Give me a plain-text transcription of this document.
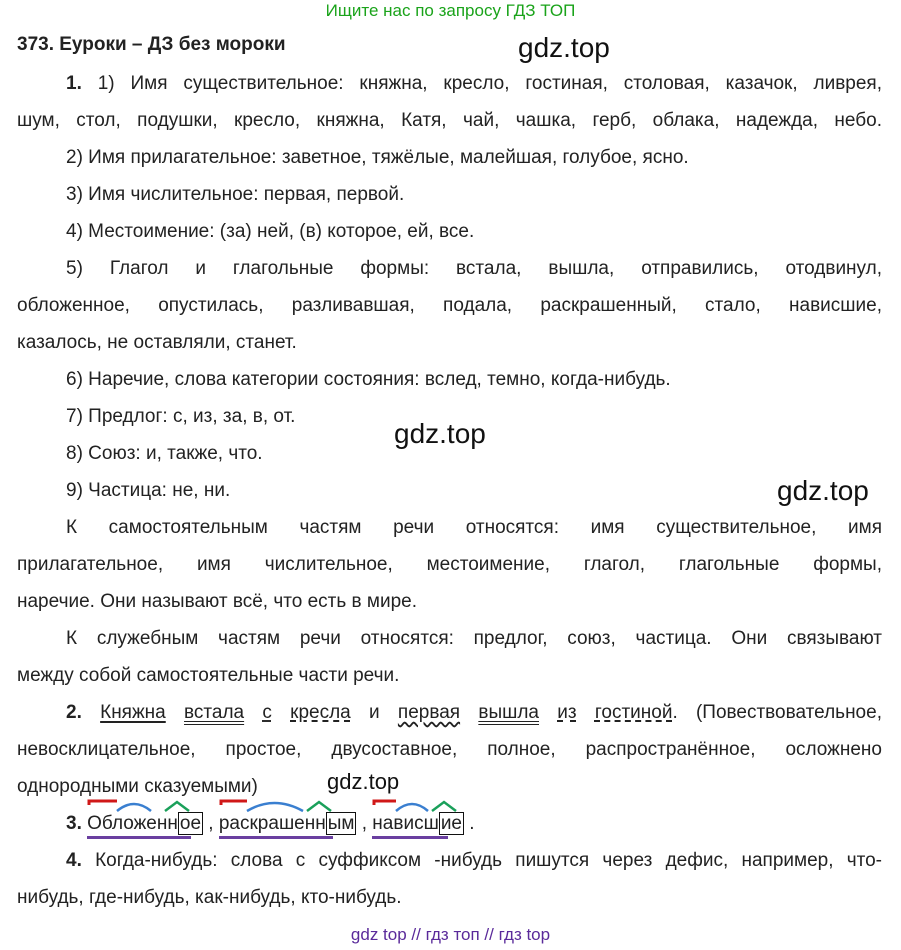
Ищите нас по запросу ГДЗ ТОП
373. Еуроки – ДЗ без мороки	gdz.top
gdz.top
gdz.top
gdz.top
1. 1) Имя существительное: княжна, кресло, гостиная, столовая, казачок, ливрея,
шум, стол, подушки, кресло, княжна, Катя, чай, чашка, герб, облака, надежда, небо.
2) Имя прилагательное: заветное, тяжёлые, малейшая, голубое, ясно.
3) Имя числительное: первая, первой.
4) Местоимение: (за) ней, (в) которое, ей, все.
5) Глагол и глагольные формы: встала, вышла, отправились, отодвинул,
обложенное, опустилась, разливавшая, подала, раскрашенный, стало, нависшие,
казалось, не оставляли, станет.
6) Наречие, слова категории состояния: вслед, темно, когда-нибудь.
7) Предлог: с, из, за, в, от.
8) Союз: и, также, что.
9) Частица: не, ни.
К самостоятельным частям речи относятся: имя существительное, имя
прилагательное, имя числительное, местоимение, глагол, глагольные формы,
наречие. Они называют всё, что есть в мире.
К служебным частям речи относятся: предлог, союз, частица. Они связывают
между собой самостоятельные части речи.
2. Княжна встала с кресла и первая вышла из гостиной. (Повествовательное,
невосклицательное, простое, двусоставное, полное, распространённое, осложнено
однородными сказуемыми)
3. Обложенн ое , раскрашенн ым , нависш ие .
4. Когда-нибудь: слова с суффиксом -нибудь пишутся через дефис, например, что-
нибудь, где-нибудь, как-нибудь, кто-нибудь.
gdz top // гдз топ // гдз top
